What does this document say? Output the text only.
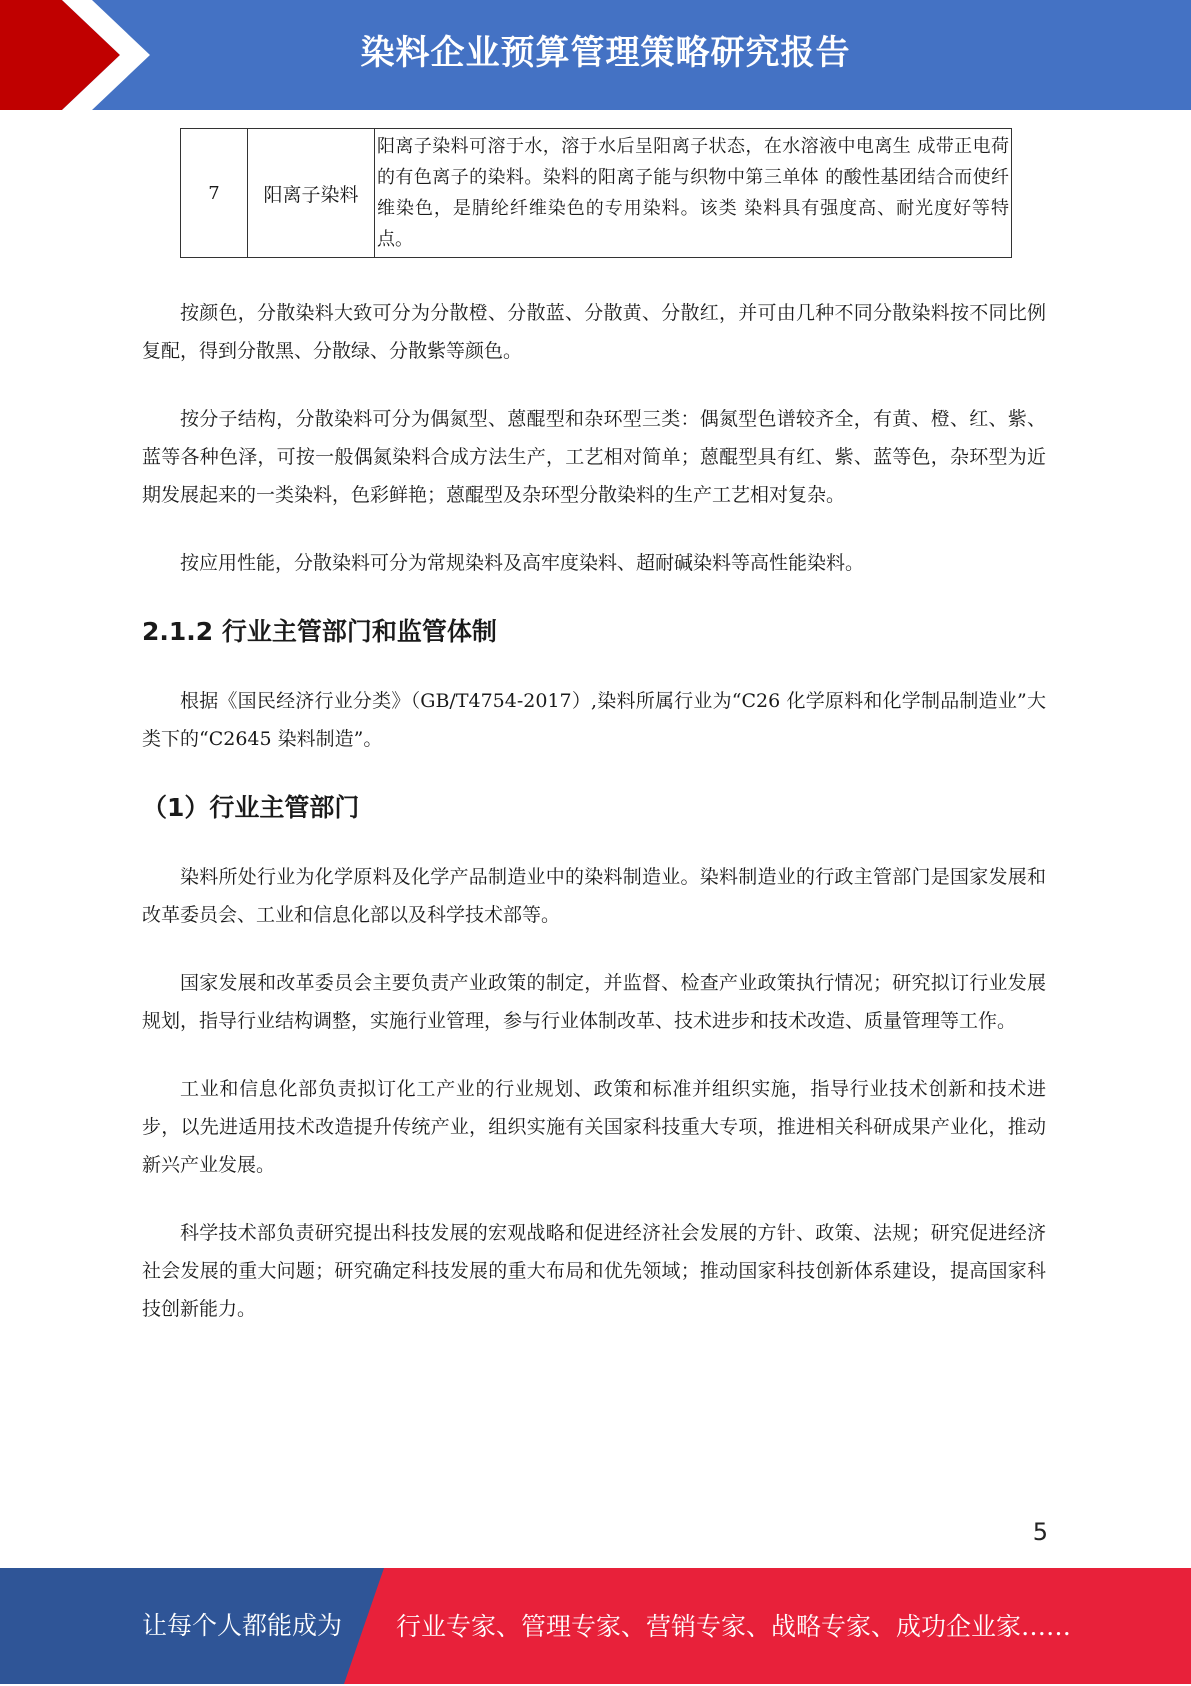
染料企业预算管理策略研究报告
7	阳离子染料	阳离子染料可溶于水，溶于水后呈阳离子状态，在水溶液中电离生 成带正电荷的有色离子的染料。染料的阳离子能与织物中第三单体 的酸性基团结合而使纤维染色，是腈纶纤维染色的专用染料。该类 染料具有强度高、耐光度好等特点。

按颜色，分散染料大致可分为分散橙、分散蓝、分散黄、分散红，并可由几种不同分散染料按不同比例复配，得到分散黑、分散绿、分散紫等颜色。

按分子结构，分散染料可分为偶氮型、蒽醌型和杂环型三类：偶氮型色谱较齐全，有黄、橙、红、紫、蓝等各种色泽，可按一般偶氮染料合成方法生产，工艺相对简单；蒽醌型具有红、紫、蓝等色，杂环型为近期发展起来的一类染料，色彩鲜艳；蒽醌型及杂环型分散染料的生产工艺相对复杂。

按应用性能，分散染料可分为常规染料及高牢度染料、超耐碱染料等高性能染料。

2.1.2 行业主管部门和监管体制

根据《国民经济行业分类》（GB/T4754-2017）,染料所属行业为“C26 化学原料和化学制品制造业”大类下的“C2645 染料制造”。

（1）行业主管部门

染料所处行业为化学原料及化学产品制造业中的染料制造业。染料制造业的行政主管部门是国家发展和改革委员会、工业和信息化部以及科学技术部等。

国家发展和改革委员会主要负责产业政策的制定，并监督、检查产业政策执行情况；研究拟订行业发展规划，指导行业结构调整，实施行业管理，参与行业体制改革、技术进步和技术改造、质量管理等工作。

工业和信息化部负责拟订化工产业的行业规划、政策和标准并组织实施，指导行业技术创新和技术进步，以先进适用技术改造提升传统产业，组织实施有关国家科技重大专项，推进相关科研成果产业化，推动新兴产业发展。

科学技术部负责研究提出科技发展的宏观战略和促进经济社会发展的方针、政策、法规；研究促进经济社会发展的重大问题；研究确定科技发展的重大布局和优先领域；推动国家科技创新体系建设，提高国家科技创新能力。

5
让每个人都能成为 行业专家、管理专家、营销专家、战略专家、成功企业家……
